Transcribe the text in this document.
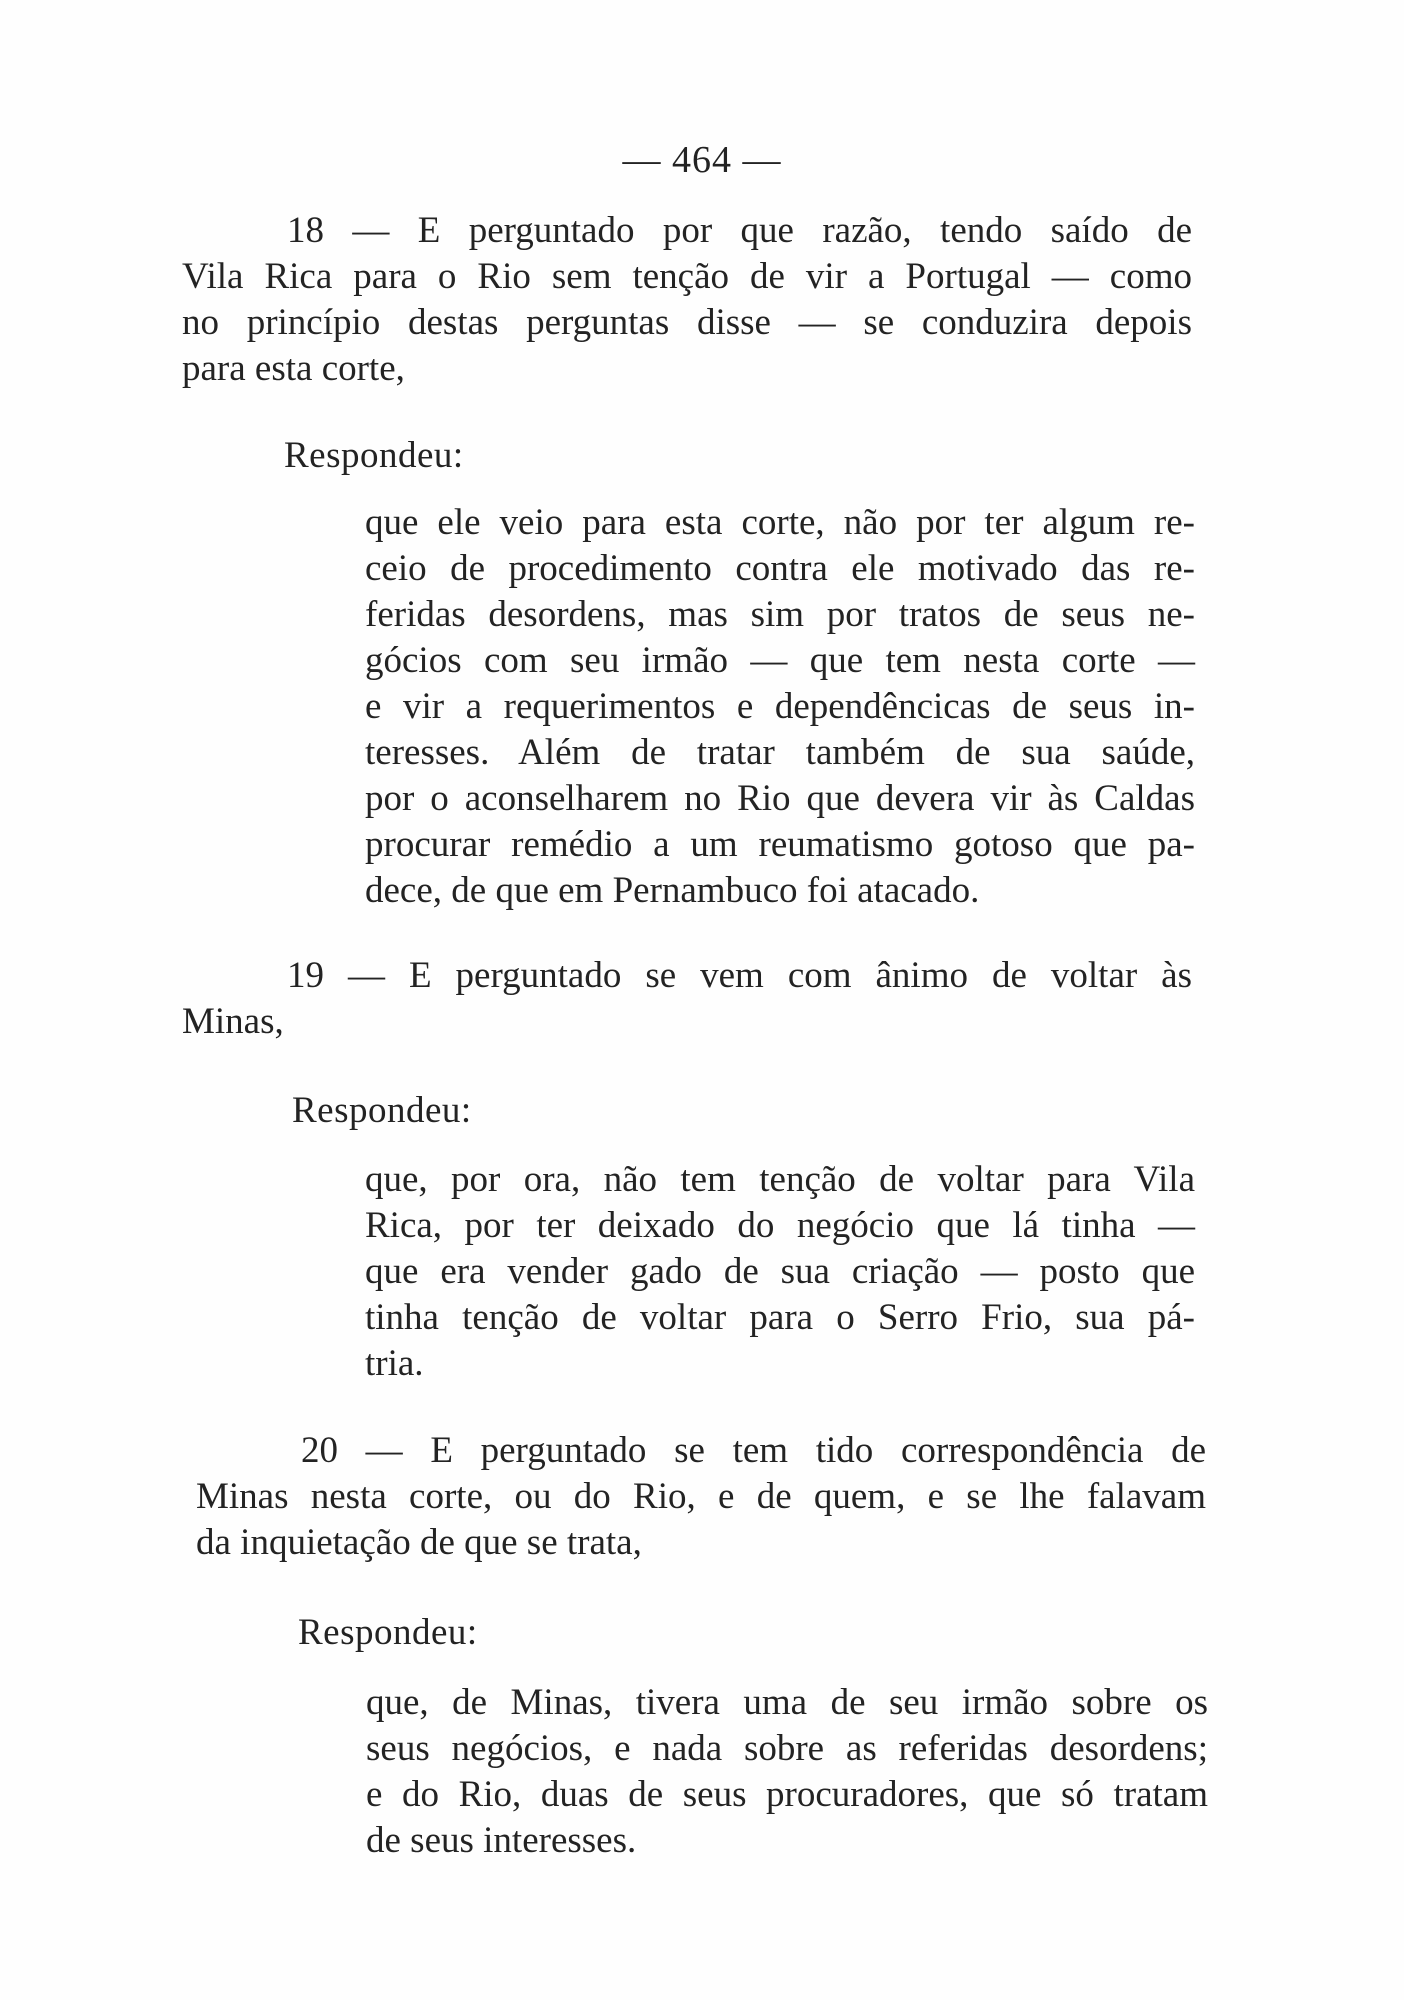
— 464 —
18 — E perguntado por que razão, tendo saído de
Vila Rica para o Rio sem tenção de vir a Portugal — como
no princípio destas perguntas disse — se conduzira depois
para esta corte,
Respondeu:
que ele veio para esta corte, não por ter algum re-
ceio de procedimento contra ele motivado das re-
feridas desordens, mas sim por tratos de seus ne-
gócios com seu irmão — que tem nesta corte —
e vir a requerimentos e dependêncicas de seus in-
teresses. Além de tratar também de sua saúde,
por o aconselharem no Rio que devera vir às Caldas
procurar remédio a um reumatismo gotoso que pa-
dece, de que em Pernambuco foi atacado.
19 — E perguntado se vem com ânimo de voltar às
Minas,
Respondeu:
que, por ora, não tem tenção de voltar para Vila
Rica, por ter deixado do negócio que lá tinha —
que era vender gado de sua criação — posto que
tinha tenção de voltar para o Serro Frio, sua pá-
tria.
20 — E perguntado se tem tido correspondência de
Minas nesta corte, ou do Rio, e de quem, e se lhe falavam
da inquietação de que se trata,
Respondeu:
que, de Minas, tivera uma de seu irmão sobre os
seus negócios, e nada sobre as referidas desordens;
e do Rio, duas de seus procuradores, que só tratam
de seus interesses.
